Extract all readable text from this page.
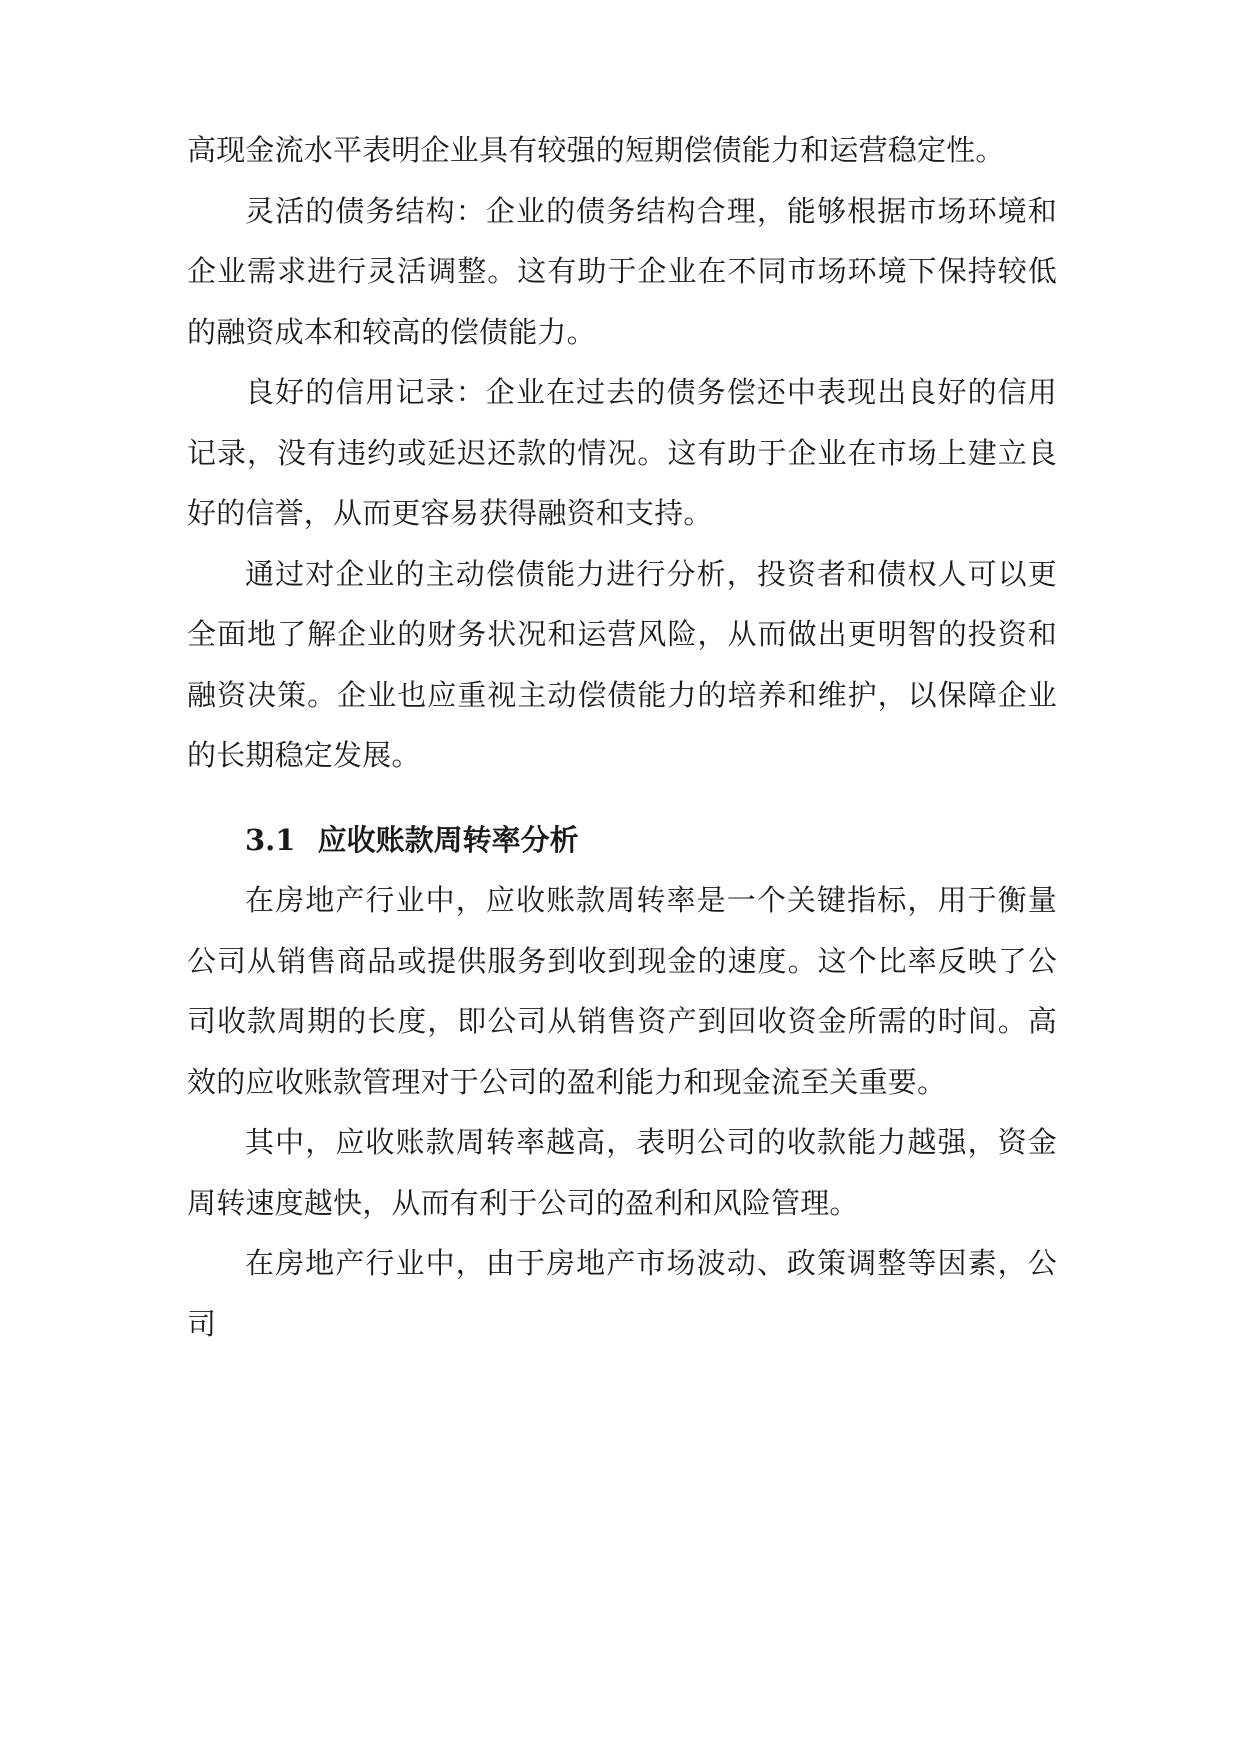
高现金流水平表明企业具有较强的短期偿债能力和运营稳定性。

灵活的债务结构：企业的债务结构合理，能够根据市场环境和企业需求进行灵活调整。这有助于企业在不同市场环境下保持较低的融资成本和较高的偿债能力。

良好的信用记录：企业在过去的债务偿还中表现出良好的信用记录，没有违约或延迟还款的情况。这有助于企业在市场上建立良好的信誉，从而更容易获得融资和支持。

通过对企业的主动偿债能力进行分析，投资者和债权人可以更全面地了解企业的财务状况和运营风险，从而做出更明智的投资和融资决策。企业也应重视主动偿债能力的培养和维护，以保障企业的长期稳定发展。

3.1 应收账款周转率分析

在房地产行业中，应收账款周转率是一个关键指标，用于衡量公司从销售商品或提供服务到收到现金的速度。这个比率反映了公司收款周期的长度，即公司从销售资产到回收资金所需的时间。高效的应收账款管理对于公司的盈利能力和现金流至关重要。

其中，应收账款周转率越高，表明公司的收款能力越强，资金周转速度越快，从而有利于公司的盈利和风险管理。

在房地产行业中，由于房地产市场波动、政策调整等因素，公司
